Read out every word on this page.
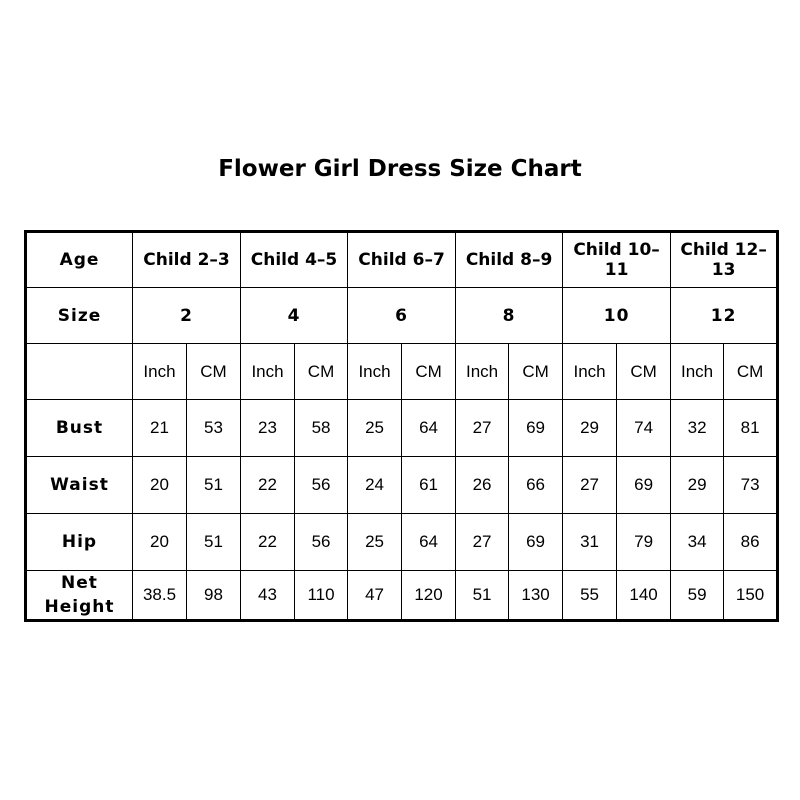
Flower Girl Dress Size Chart
Age	Child 2–3		Child 4–5		Child 6–7		Child 8–9		Child 10–11		Child 12–13	
Size	2		4		6		8		10		12	
	Inch	CM	Inch	CM	Inch	CM	Inch	CM	Inch	CM	Inch	CM
Bust	21	53	23	58	25	64	27	69	29	74	32	81
Waist	20	51	22	56	24	61	26	66	27	69	29	73
Hip	20	51	22	56	25	64	27	69	31	79	34	86

Net
Height	38.5	98	43	110	47	120	51	130	55	140	59	150
